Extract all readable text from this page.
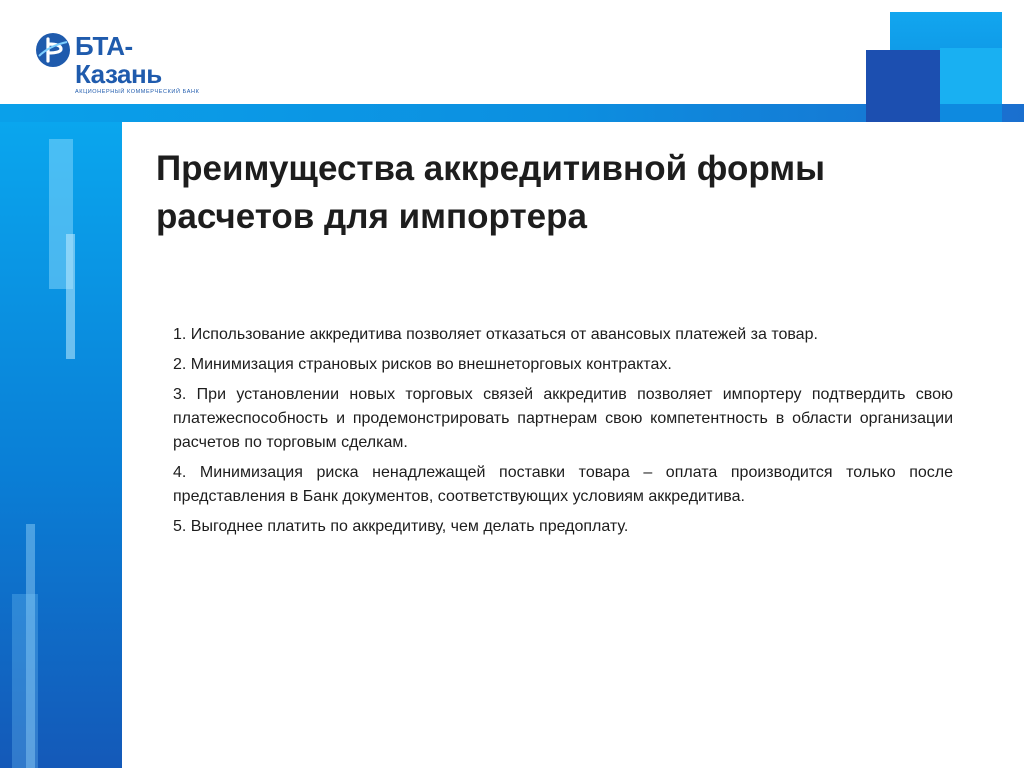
БТА-Казань
АКЦИОНЕРНЫЙ КОММЕРЧЕСКИЙ БАНК
Преимущества аккредитивной формы расчетов для импортера

1. Использование аккредитива позволяет отказаться от авансовых платежей за товар.

2. Минимизация страновых рисков во внешнеторговых контрактах.

3. При установлении новых торговых связей аккредитив позволяет импортеру подтвердить свою платежеспособность и продемонстрировать партнерам свою компетентность в области организации расчетов по торговым сделкам.

4. Минимизация риска ненадлежащей поставки товара – оплата производится только после представления в Банк документов, соответствующих условиям аккредитива.

5. Выгоднее платить по аккредитиву, чем делать предоплату.
